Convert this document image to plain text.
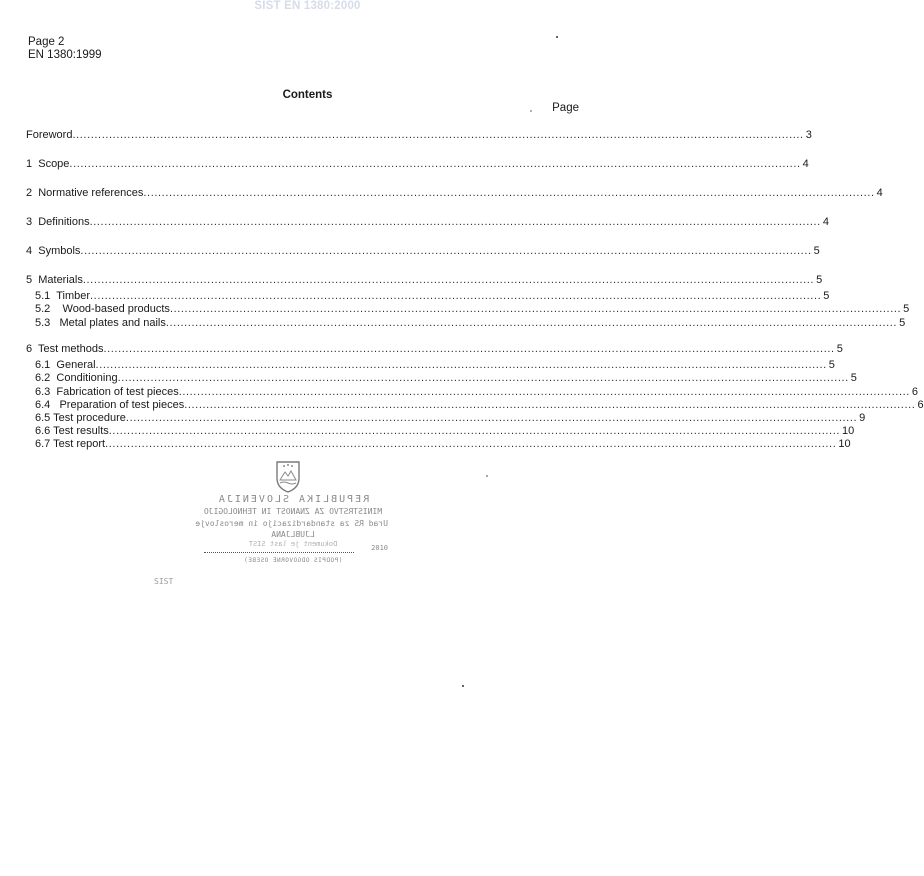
SIST EN 1380:2000
Page 2
EN 1380:1999
Contents
Page
Foreword ........................................................................................................................................................................................................ 3
1  Scope ........................................................................................................................................................................................................ 4
2  Normative references ........................................................................................................................................................................................................ 4
3  Definitions ........................................................................................................................................................................................................ 4
4  Symbols ........................................................................................................................................................................................................ 5
5  Materials ........................................................................................................................................................................................................ 5
5.1  Timber ........................................................................................................................................................................................................ 5
5.2    Wood-based products ........................................................................................................................................................................................................ 5
5.3   Metal plates and nails ........................................................................................................................................................................................................ 5
6  Test methods ........................................................................................................................................................................................................ 5
6.1  General ........................................................................................................................................................................................................ 5
6.2  Conditioning ........................................................................................................................................................................................................ 5
6.3  Fabrication of test pieces ........................................................................................................................................................................................................ 6
6.4   Preparation of test pieces ........................................................................................................................................................................................................ 6
6.5 Test procedure ........................................................................................................................................................................................................ 9
6.6 Test results ........................................................................................................................................................................................................ 10
6.7 Test report ........................................................................................................................................................................................................ 10
REPUBLIKA SLOVENIJA
MINISTRSTVO ZA ZNANOST IN TEHNOLOGIJO
Urad RS za standardizacijo in meroslovje
LJUBLJANA
Dokument je last SIST	2010
(PODPIS ODGOVORNE OSEBE)
SIST
